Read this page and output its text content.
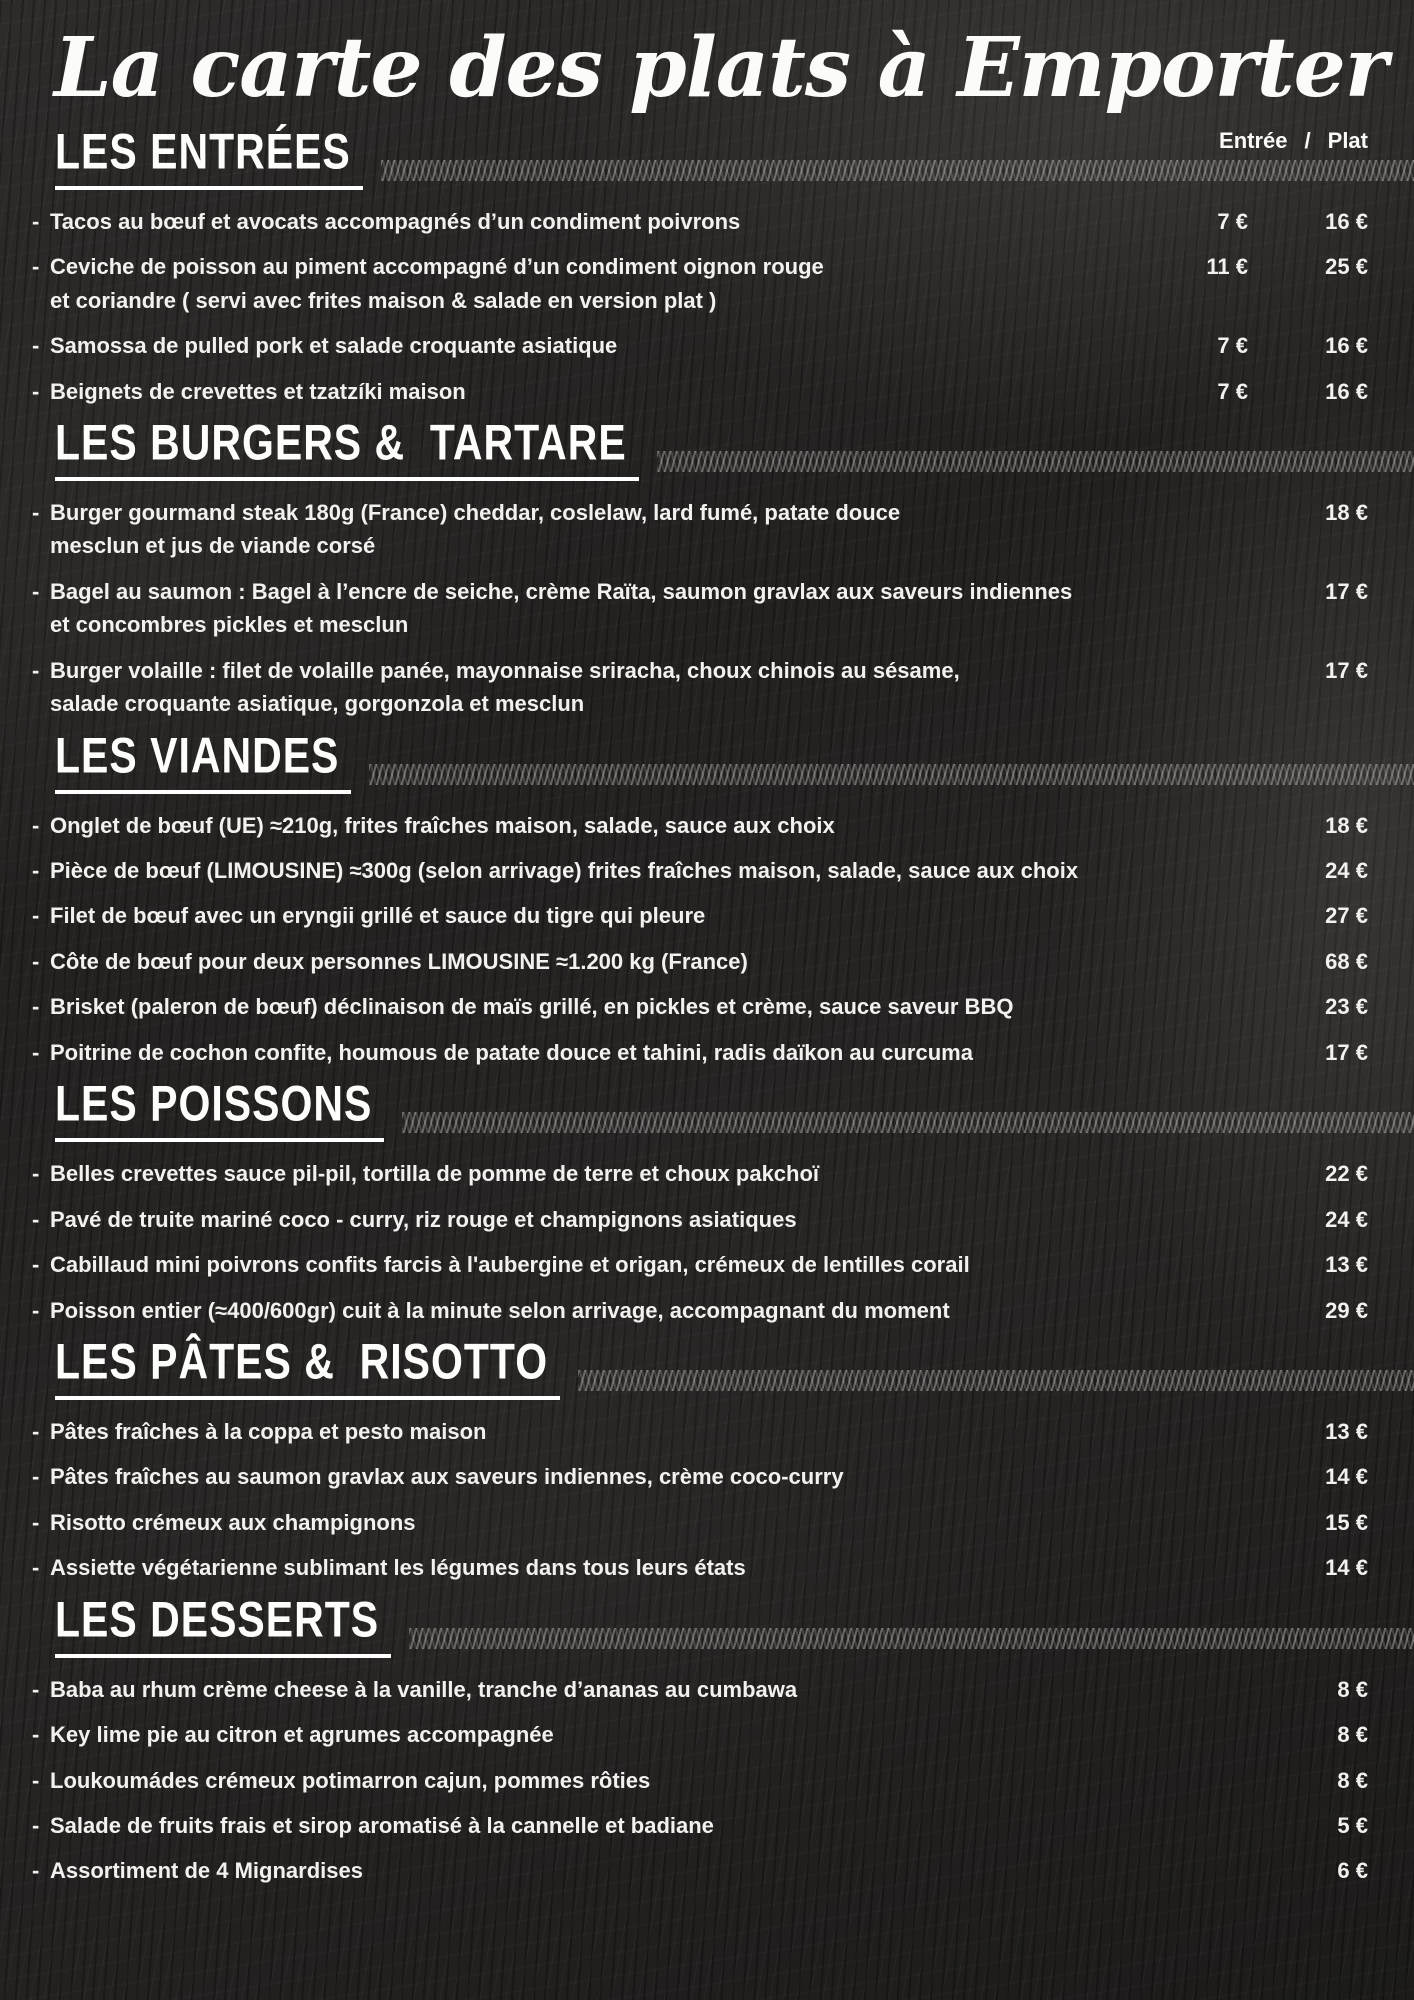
La carte des plats à Emporter
LES ENTRÉES	Entrée / Plat
- Tacos au bœuf et avocats accompagnés d’un condiment poivrons	7 €	16 €
- Ceviche de poisson au piment accompagné d’un condiment oignon rouge
et coriandre ( servi avec frites maison & salade en version plat )
11 €	25 €
- Samossa de pulled pork et salade croquante asiatique	7 €	16 €
- Beignets de crevettes et tzatzíki maison	7 €	16 €
LES BURGERS &  TARTARE
- Burger gourmand steak 180g (France) cheddar, coslelaw, lard fumé, patate douce
mesclun et jus de viande corsé
18 €
- Bagel au saumon : Bagel à l’encre de seiche, crème Raïta, saumon gravlax aux saveurs indiennes
et concombres pickles et mesclun
17 €
- Burger volaille : filet de volaille panée, mayonnaise sriracha, choux chinois au sésame,
salade croquante asiatique, gorgonzola et mesclun
17 €
LES VIANDES
- Onglet de bœuf (UE) ≈210g, frites fraîches maison, salade, sauce aux choix	18 €
- Pièce de bœuf (LIMOUSINE) ≈300g (selon arrivage) frites fraîches maison, salade, sauce aux choix	24 €
- Filet de bœuf avec un eryngii grillé et sauce du tigre qui pleure	27 €
- Côte de bœuf pour deux personnes LIMOUSINE ≈1.200 kg (France)	68 €
- Brisket (paleron de bœuf) déclinaison de maïs grillé, en pickles et crème, sauce saveur BBQ	23 €
- Poitrine de cochon confite, houmous de patate douce et tahini, radis daïkon au curcuma	17 €
LES POISSONS
- Belles crevettes sauce pil-pil, tortilla de pomme de terre et choux pakchoï	22 €
- Pavé de truite mariné coco - curry, riz rouge et champignons asiatiques	24 €
- Cabillaud mini poivrons confits farcis à l'aubergine et origan, crémeux de lentilles corail	13 €
- Poisson entier (≈400/600gr) cuit à la minute selon arrivage, accompagnant du moment	29 €
LES PÂTES &  RISOTTO
- Pâtes fraîches à la coppa et pesto maison	13 €
- Pâtes fraîches au saumon gravlax aux saveurs indiennes, crème coco-curry	14 €
- Risotto crémeux aux champignons	15 €
- Assiette végétarienne sublimant les légumes dans tous leurs états	14 €
LES DESSERTS
- Baba au rhum crème cheese à la vanille, tranche d’ananas au cumbawa	8 €
- Key lime pie au citron et agrumes accompagnée	8 €
- Loukoumádes crémeux potimarron cajun, pommes rôties	8 €
- Salade de fruits frais et sirop aromatisé à la cannelle et badiane	5 €
- Assortiment de 4 Mignardises	6 €
